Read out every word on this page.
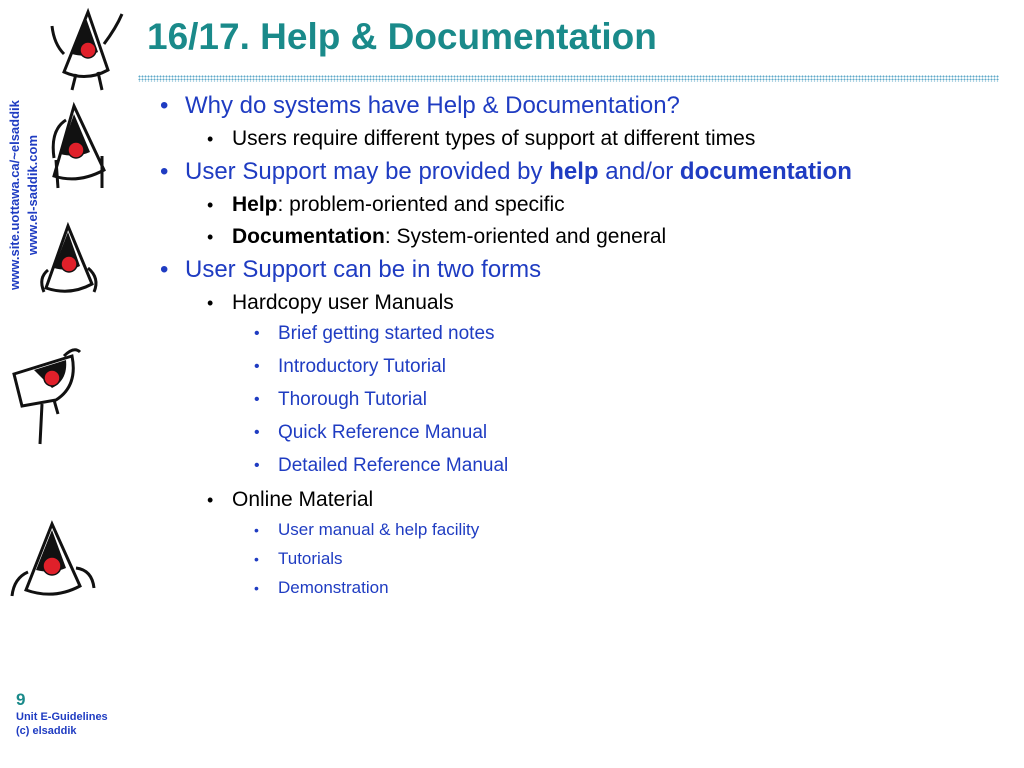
16/17. Help & Documentation
www.site.uottawa.ca/~elsaddik www.el-saddik.com
• Why do systems have Help & Documentation?
• Users require different types of support at different times
• User Support may be provided by help and/or documentation
• Help: problem-oriented and specific
• Documentation: System-oriented and general
• User Support can be in two forms
• Hardcopy user Manuals
• Brief getting started notes
• Introductory Tutorial
• Thorough Tutorial
• Quick Reference Manual
• Detailed Reference Manual
• Online Material
• User manual & help facility
• Tutorials
• Demonstration
9
Unit E-Guidelines
(c) elsaddik
